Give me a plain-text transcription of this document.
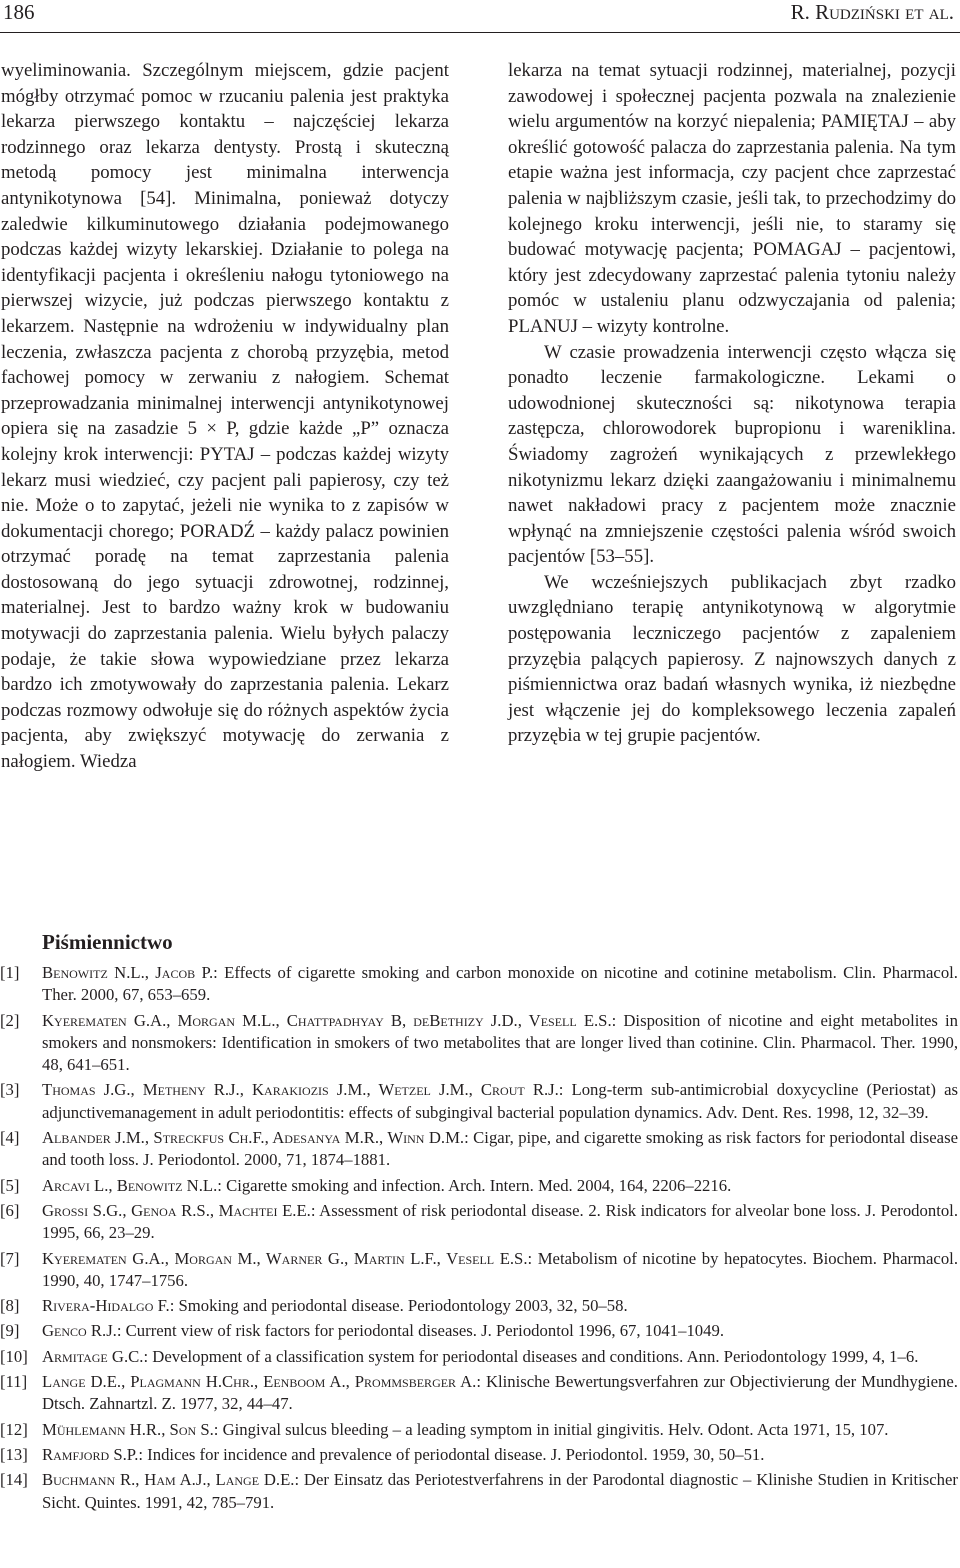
186	R. Rudziński et al.

wyeliminowania. Szczególnym miejscem, gdzie pacjent mógłby otrzymać pomoc w rzucaniu palenia jest praktyka lekarza pierwszego kontaktu – najczęściej lekarza rodzinnego oraz lekarza dentysty. Prostą i skuteczną metodą pomocy jest minimalna interwencja antynikotynowa [54]. Minimalna, ponieważ dotyczy zaledwie kilkuminutowego działania podejmowanego podczas każdej wizyty lekarskiej. Działanie to polega na identyfikacji pacjenta i określeniu nałogu tytoniowego na pierwszej wizycie, już podczas pierwszego kontaktu z lekarzem. Następnie na wdrożeniu w indywidualny plan leczenia, zwłaszcza pacjenta z chorobą przyzębia, metod fachowej pomocy w zerwaniu z nałogiem. Schemat przeprowadzania minimalnej interwencji antynikotynowej opiera się na zasadzie 5 × P, gdzie każde „P” oznacza kolejny krok interwencji: PYTAJ – podczas każdej wizyty lekarz musi wiedzieć, czy pacjent pali papierosy, czy też nie. Może o to zapytać, jeżeli nie wynika to z zapisów w dokumentacji chorego; PORADŹ – każdy palacz powinien otrzymać poradę na temat zaprzestania palenia dostosowaną do jego sytuacji zdrowotnej, rodzinnej, materialnej. Jest to bardzo ważny krok w budowaniu motywacji do zaprzestania palenia. Wielu byłych palaczy podaje, że takie słowa wypowiedziane przez lekarza bardzo ich zmotywowały do zaprzestania palenia. Lekarz podczas rozmowy odwołuje się do różnych aspektów życia pacjenta, aby zwiększyć motywację do zerwania z nałogiem. Wiedza

lekarza na temat sytuacji rodzinnej, materialnej, pozycji zawodowej i społecznej pacjenta pozwala na znalezienie wielu argumentów na korzyć niepalenia; PAMIĘTAJ – aby określić gotowość palacza do zaprzestania palenia. Na tym etapie ważna jest informacja, czy pacjent chce zaprzestać palenia w najbliższym czasie, jeśli tak, to przechodzimy do kolejnego kroku interwencji, jeśli nie, to staramy się budować motywację pacjenta; POMAGAJ – pacjentowi, który jest zdecydowany zaprzestać palenia tytoniu należy pomóc w ustaleniu planu odzwyczajania od palenia; PLANUJ – wizyty kontrolne.

W czasie prowadzenia interwencji często włącza się ponadto leczenie farmakologiczne. Lekami o udowodnionej skuteczności są: nikotynowa terapia zastępcza, chlorowodorek bupropionu i wareniklina. Świadomy zagrożeń wynikających z przewlekłego nikotynizmu lekarz dzięki zaangażowaniu i minimalnemu nawet nakładowi pracy z pacjentem może znacznie wpłynąć na zmniejszenie częstości palenia wśród swoich pacjentów [53–55].

We wcześniejszych publikacjach zbyt rzadko uwzględniano terapię antynikotynową w algorytmie postępowania leczniczego pacjentów z zapaleniem przyzębia palących papierosy. Z najnowszych danych z piśmiennictwa oraz badań własnych wynika, iż niezbędne jest włączenie jej do kompleksowego leczenia zapaleń przyzębia w tej grupie pacjentów.

Piśmiennictwo
[1]	Benowitz N.L., Jacob P.: Effects of cigarette smoking and carbon monoxide on nicotine and cotinine metabolism. Clin. Pharmacol. Ther. 2000, 67, 653–659.
[2]	Kyerematen G.A., Morgan M.L., Chattpadhyay B, deBethizy J.D., Vesell E.S.: Disposition of nicotine and eight metabolites in smokers and nonsmokers: Identification in smokers of two metabolites that are longer lived than cotinine. Clin. Pharmacol. Ther. 1990, 48, 641–651.
[3]	Thomas J.G., Metheny R.J., Karakiozis J.M., Wetzel J.M., Crout R.J.: Long-term sub-antimicrobial doxycycline (Periostat) as adjunctivemanagement in adult periodontitis: effects of subgingival bacterial population dynamics. Adv. Dent. Res. 1998, 12, 32–39.
[4]	Albander J.M., Streckfus Ch.F., Adesanya M.R., Winn D.M.: Cigar, pipe, and cigarette smoking as risk factors for periodontal disease and tooth loss. J. Periodontol. 2000, 71, 1874–1881.
[5]	Arcavi L., Benowitz N.L.: Cigarette smoking and infection. Arch. Intern. Med. 2004, 164, 2206–2216.
[6]	Grossi S.G., Genoa R.S., Machtei E.E.: Assessment of risk periodontal disease. 2. Risk indicators for alveolar bone loss. J. Perodontol. 1995, 66, 23–29.
[7]	Kyerematen G.A., Morgan M., Warner G., Martin L.F., Vesell E.S.: Metabolism of nicotine by hepatocytes. Biochem. Pharmacol. 1990, 40, 1747–1756.
[8]	Rivera-Hidalgo F.: Smoking and periodontal disease. Periodontology 2003, 32, 50–58.
[9]	Genco R.J.: Current view of risk factors for periodontal diseases. J. Periodontol 1996, 67, 1041–1049.
[10] Armitage G.C.: Development of a classification system for periodontal diseases and conditions. Ann. Periodontology 1999, 4, 1–6.
[11] Lange D.E., Plagmann H.Chr., Eenboom A., Prommsberger A.: Klinische Bewertungsverfahren zur Objectivierung der Mundhygiene. Dtsch. Zahnartzl. Z. 1977, 32, 44–47.
[12] Mühlemann H.R., Son S.: Gingival sulcus bleeding – a leading symptom in initial gingivitis. Helv. Odont. Acta 1971, 15, 107.
[13] Ramfjord S.P.: Indices for incidence and prevalence of periodontal disease. J. Periodontol. 1959, 30, 50–51.
[14] Buchmann R., Ham A.J., Lange D.E.: Der Einsatz das Periotestverfahrens in der Parodontal diagnostic – Klinishe Studien in Kritischer Sicht. Quintes. 1991, 42, 785–791.
